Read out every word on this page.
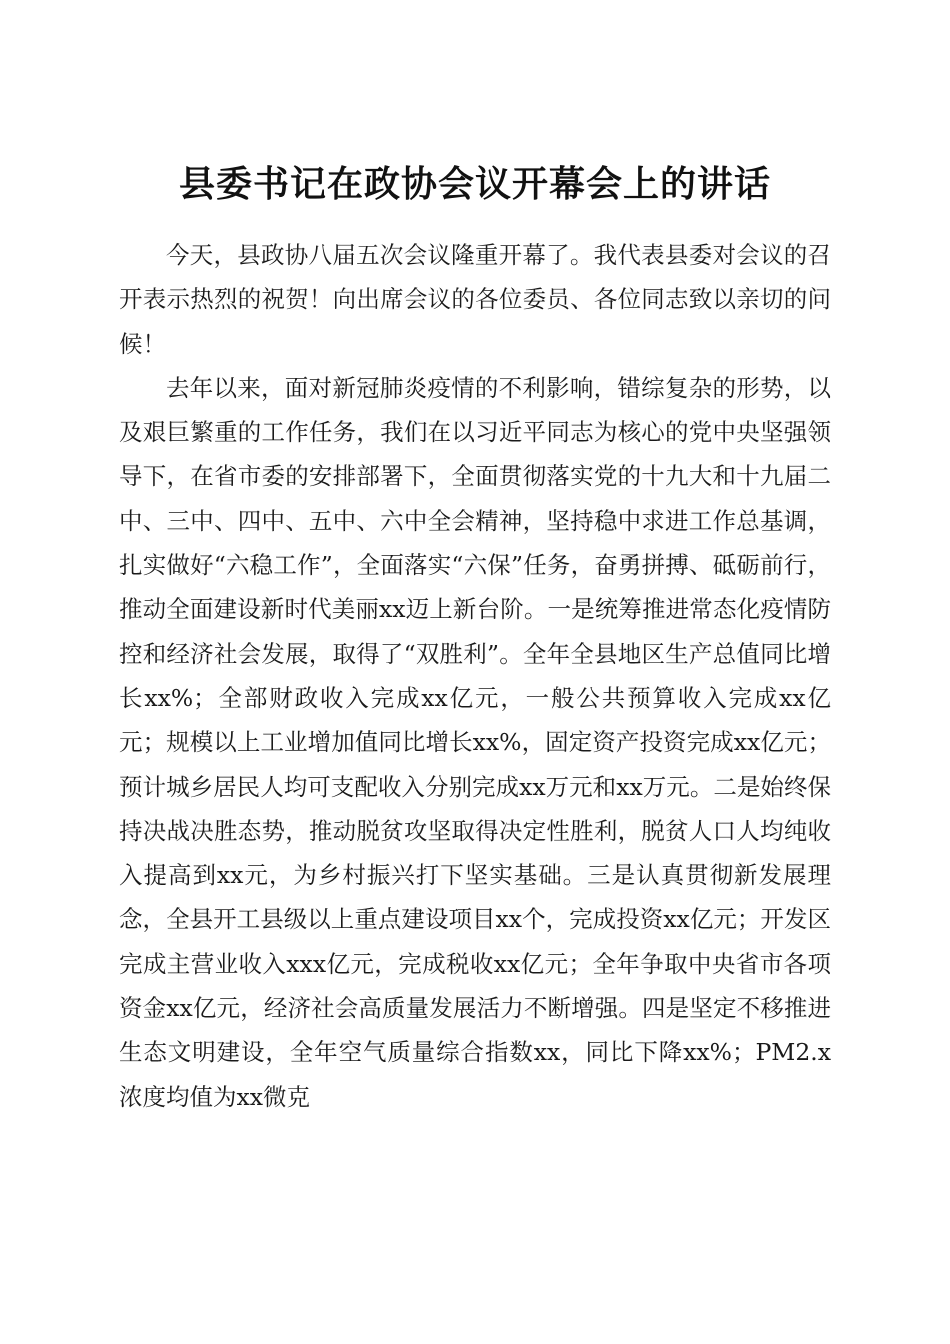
县委书记在政协会议开幕会上的讲话

今天，县政协八届五次会议隆重开幕了。我代表县委对会议的召开表示热烈的祝贺！向出席会议的各位委员、各位同志致以亲切的问候！

去年以来，面对新冠肺炎疫情的不利影响，错综复杂的形势，以及艰巨繁重的工作任务，我们在以习近平同志为核心的党中央坚强领导下，在省市委的安排部署下，全面贯彻落实党的十九大和十九届二中、三中、四中、五中、六中全会精神，坚持稳中求进工作总基调，扎实做好“六稳工作”，全面落实“六保”任务，奋勇拼搏、砥砺前行，推动全面建设新时代美丽xx迈上新台阶。一是统筹推进常态化疫情防控和经济社会发展，取得了“双胜利”。全年全县地区生产总值同比增长xx%；全部财政收入完成xx亿元，一般公共预算收入完成xx亿元；规模以上工业增加值同比增长xx%，固定资产投资完成xx亿元；预计城乡居民人均可支配收入分别完成xx万元和xx万元。二是始终保持决战决胜态势，推动脱贫攻坚取得决定性胜利，脱贫人口人均纯收入提高到xx元，为乡村振兴打下坚实基础。三是认真贯彻新发展理念，全县开工县级以上重点建设项目xx个，完成投资xx亿元；开发区完成主营业收入xxx亿元，完成税收xx亿元；全年争取中央省市各项资金xx亿元，经济社会高质量发展活力不断增强。四是坚定不移推进生态文明建设，全年空气质量综合指数xx，同比下降xx%；PM2.x浓度均值为xx微克
